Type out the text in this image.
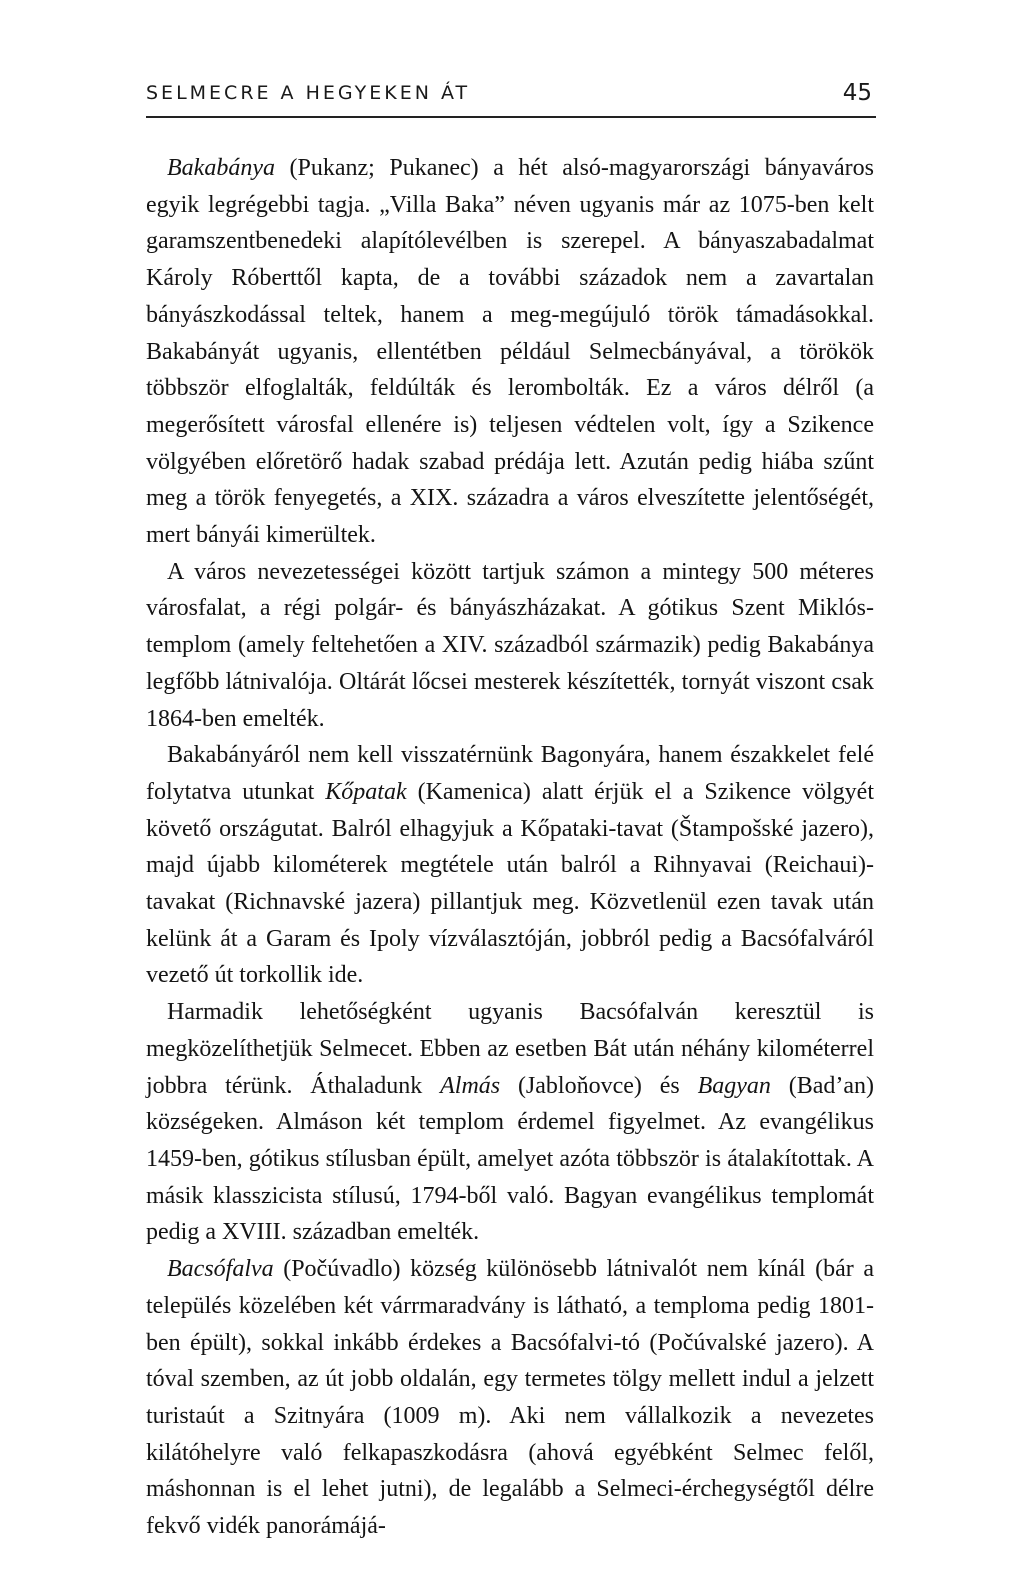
SELMECRE A HEGYEKEN ÁT	45

Bakabánya (Pukanz; Pukanec) a hét alsó-magyarországi bányaváros egyik legrégebbi tagja. „Villa Baka” néven ugyanis már az 1075-ben kelt garamszentbenedeki alapítólevélben is szerepel. A bányaszabadalmat Károly Róberttől kapta, de a további századok nem a zavartalan bányászkodással teltek, hanem a meg-megújuló török támadásokkal. Bakabányát ugyanis, ellentétben például Selmecbányával, a törökök többször elfoglalták, feldúlták és lerombolták. Ez a város délről (a megerősített városfal ellenére is) teljesen védtelen volt, így a Szikence völgyében előretörő hadak szabad prédája lett. Azután pedig hiába szűnt meg a török fenyegetés, a XIX. századra a város elveszítette jelentőségét, mert bányái kimerültek.

A város nevezetességei között tartjuk számon a mintegy 500 méteres városfalat, a régi polgár- és bányászházakat. A gótikus Szent Miklós-templom (amely feltehetően a XIV. századból származik) pedig Bakabánya legfőbb látnivalója. Oltárát lőcsei mesterek készítették, tornyát viszont csak 1864-ben emelték.

Bakabányáról nem kell visszatérnünk Bagonyára, hanem északkelet felé folytatva utunkat Kőpatak (Kamenica) alatt érjük el a Szikence völgyét követő országutat. Balról elhagyjuk a Kőpataki-tavat (Štampošské jazero), majd újabb kilométerek megtétele után balról a Rihnyavai (Reichaui)-tavakat (Richnavské jazera) pillantjuk meg. Közvetlenül ezen tavak után kelünk át a Garam és Ipoly vízválasztóján, jobbról pedig a Bacsófalváról vezető út torkollik ide.

Harmadik lehetőségként ugyanis Bacsófalván keresztül is megközelíthetjük Selmecet. Ebben az esetben Bát után néhány kilométerrel jobbra térünk. Áthaladunk Almás (Jabloňovce) és Bagyan (Bad’an) községeken. Almáson két templom érdemel figyelmet. Az evangélikus 1459-ben, gótikus stílusban épült, amelyet azóta többször is átalakítottak. A másik klasszicista stílusú, 1794-ből való. Bagyan evangélikus templomát pedig a XVIII. században emelték.

Bacsófalva (Počúvadlo) község különösebb látnivalót nem kínál (bár a település közelében két várrmaradvány is látható, a temploma pedig 1801-ben épült), sokkal inkább érdekes a Bacsófalvi-tó (Počúvalské jazero). A tóval szemben, az út jobb oldalán, egy termetes tölgy mellett indul a jelzett turistaút a Szitnyára (1009 m). Aki nem vállalkozik a nevezetes kilátóhelyre való felkapaszkodásra (ahová egyébként Selmec felől, máshonnan is el lehet jutni), de legalább a Selmeci-érchegységtől délre fekvő vidék panorámájá-
